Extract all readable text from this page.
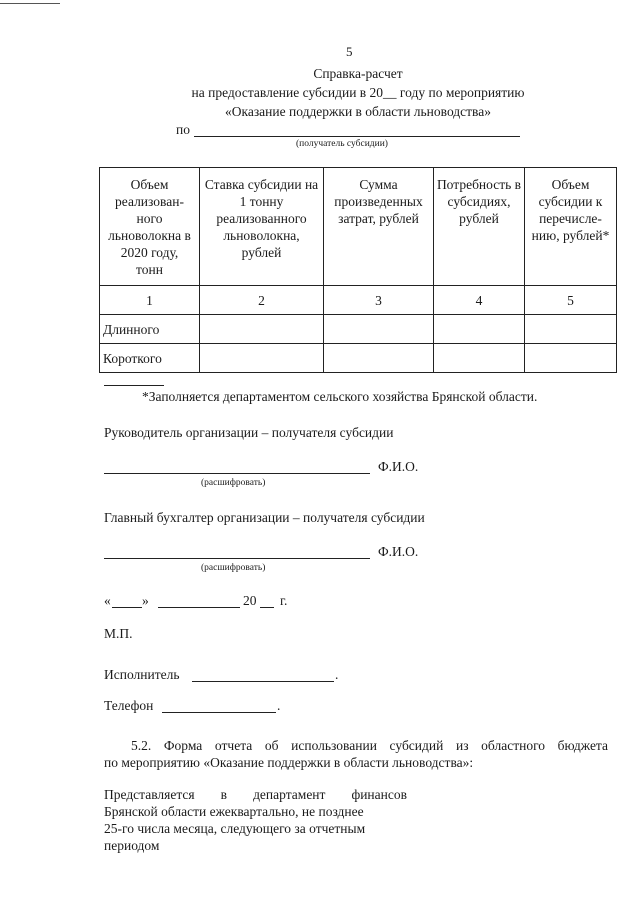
5
Справка-расчет
на предоставление субсидии в 20__ году по мероприятию
«Оказание поддержки в области льноводства»
по
(получатель субсидии)
Объем реализован-ного льноволокна в 2020 году, тонн	Ставка субсидии на 1 тонну реализованного льноволокна, рублей	Сумма произведенных затрат, рублей	Потребность в субсидиях, рублей	Объем субсидии к перечисле-нию, рублей*
1	2	3	4	5
Длинного				
Короткого				
*Заполняется департаментом сельского хозяйства Брянской области.
Руководитель организации – получателя субсидии
Ф.И.О.
(расшифровать)
Главный бухгалтер организации – получателя субсидии
Ф.И.О.
(расшифровать)
« »	20 г.
М.П.
Исполнитель	.
Телефон	.
5.2. Форма отчета об использовании субсидий из областного бюджета
по мероприятию «Оказание поддержки в области льноводства»:
Представляется в департамент финансов
Брянской области ежеквартально, не позднее
25-го числа месяца, следующего за отчетным
периодом
